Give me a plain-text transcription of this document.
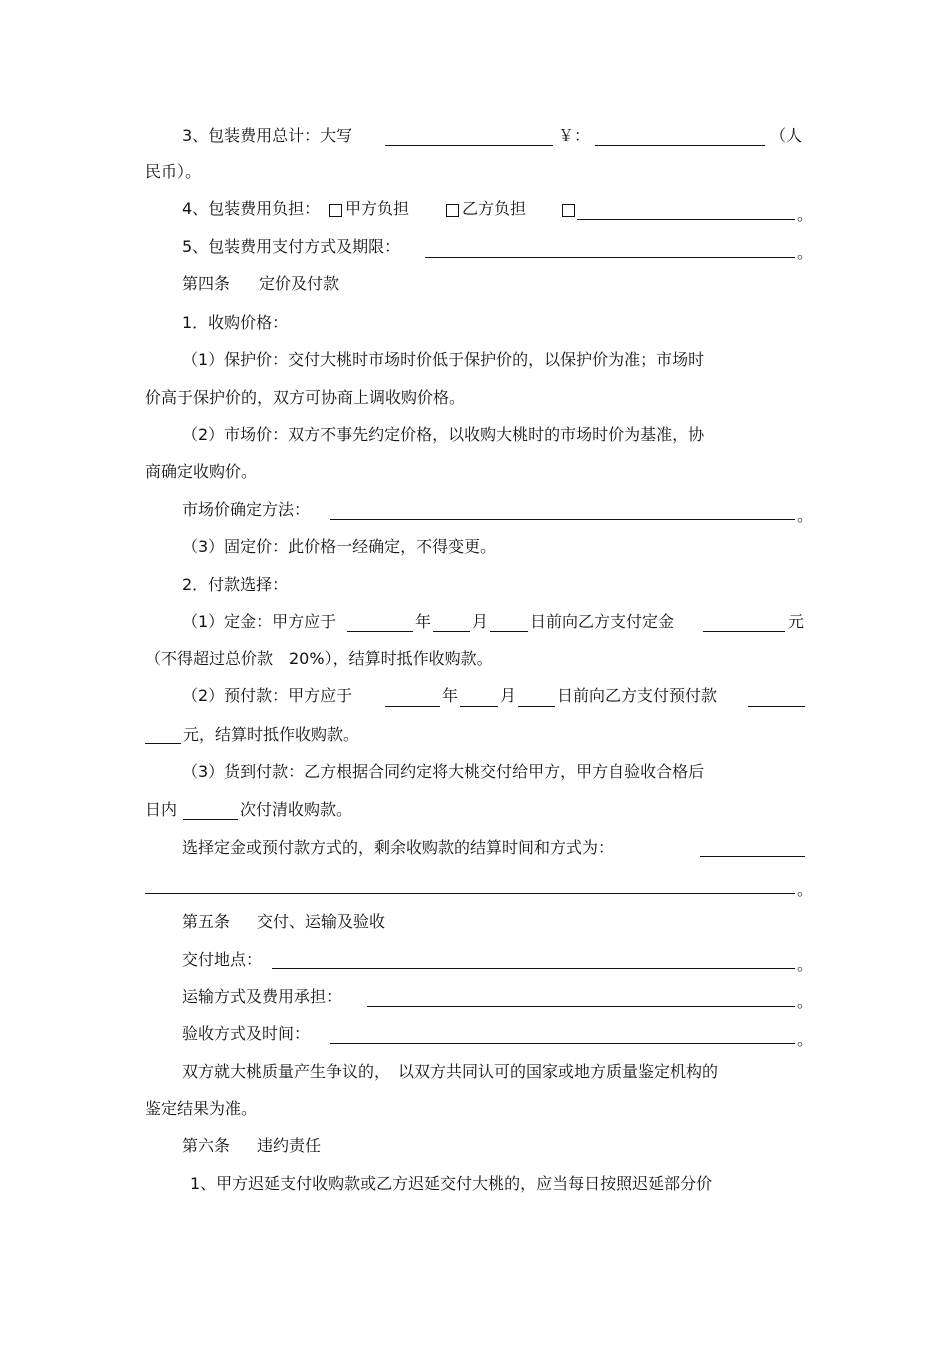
3、包装费用总计：大写	￥：	（人
民币）。
4、包装费用负担： 甲方负担	乙方负担	。
5、包装费用支付方式及期限：	。
第四条 定价及付款
1．收购价格：
（1）保护价：交付大桃时市场时价低于保护价的，以保护价为准；市场时
价高于保护价的，双方可协商上调收购价格。
（2）市场价：双方不事先约定价格，以收购大桃时的市场时价为基准，协
商确定收购价。
市场价确定方法：	。
（3）固定价：此价格一经确定，不得变更。
2．付款选择：
（1）定金：甲方应于	年	月	日前向乙方支付定金	元
（不得超过总价款　20%），结算时抵作收购款。
（2）预付款：甲方应于	年	月	日前向乙方支付预付款
元，结算时抵作收购款。
（3）货到付款：乙方根据合同约定将大桃交付给甲方，甲方自验收合格后
日内	次付清收购款。
选择定金或预付款方式的，剩余收购款的结算时间和方式为：
。
第五条 交付、运输及验收
交付地点：	。
运输方式及费用承担：	。
验收方式及时间：	。
双方就大桃质量产生争议的，　以双方共同认可的国家或地方质量鉴定机构的
鉴定结果为准。
第六条 违约责任
1、甲方迟延支付收购款或乙方迟延交付大桃的，应当每日按照迟延部分价
